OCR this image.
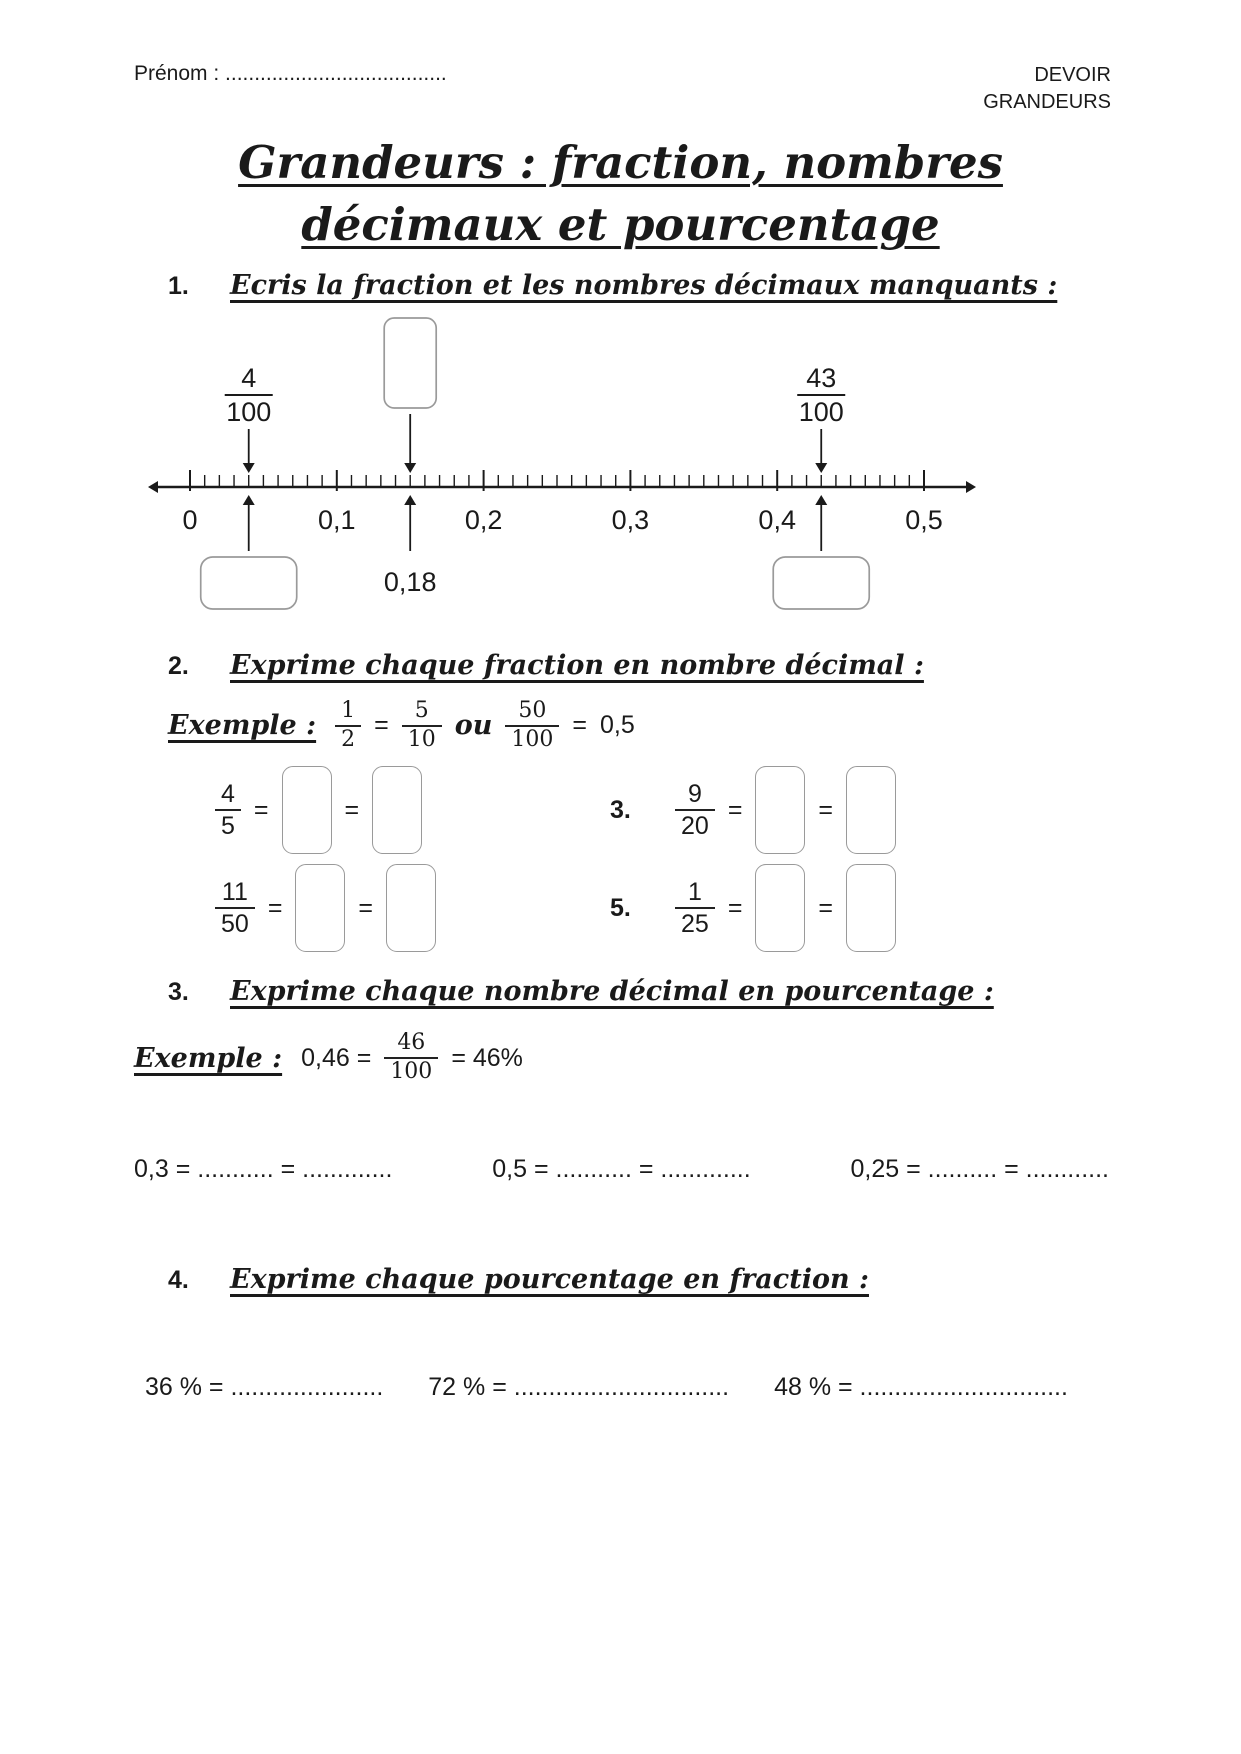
Prénom : ......................................	DEVOIR
GRANDEURS
Grandeurs : fraction, nombres
décimaux et pourcentage
1.	Ecris la fraction et les nombres décimaux manquants :
0	0,1	0,2	0,3	0,4	0,5
4
100
43
100
0,18
2.	Exprime chaque fraction en nombre décimal :
Exemple : $\frac{1}{2} = \frac{5}{10}$ ou $\frac{50}{100} = 0,5$
$\frac{4}{5}$ =	=	3.	$\frac{9}{20}$ =	=
$\frac{11}{50}$ =	=	5.	$\frac{1}{25}$ =	=
3.	Exprime chaque nombre décimal en pourcentage :
Exemple : $0,46 = \frac{46}{100} = 46\%$
0,3 = ........... = .............	0,5 = ........... = .............	0,25 = .......... = ............
4.	Exprime chaque pourcentage en fraction :
36 % = ...................... 72 % = ............................... 48 % = ..............................
